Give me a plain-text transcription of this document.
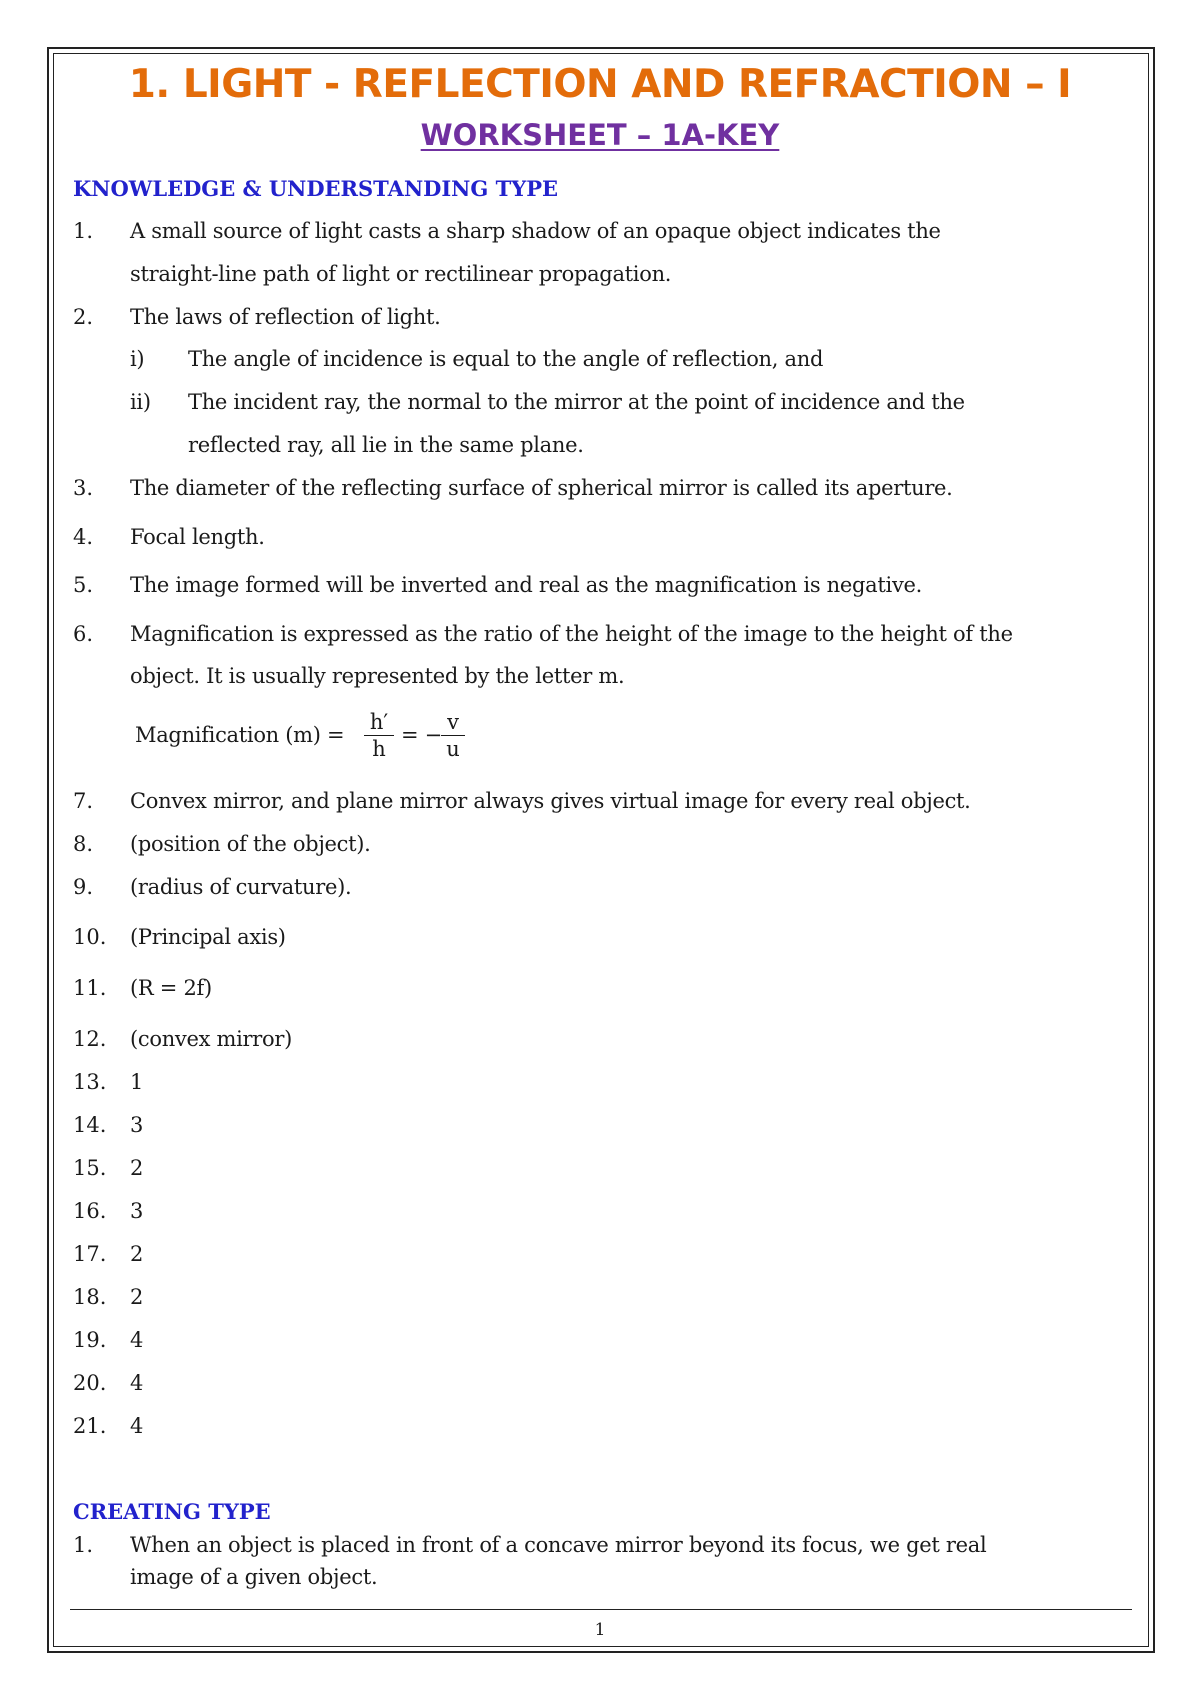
1. LIGHT - REFLECTION AND REFRACTION – I
WORKSHEET – 1A-KEY
KNOWLEDGE & UNDERSTANDING TYPE
1. A small source of light casts a sharp shadow of an opaque object indicates the
straight-line path of light or rectilinear propagation.
2. The laws of reflection of light.
i) The angle of incidence is equal to the angle of reflection, and
ii) The incident ray, the normal to the mirror at the point of incidence and the
reflected ray, all lie in the same plane.
3. The diameter of the reflecting surface of spherical mirror is called its aperture.
4. Focal length.
5. The image formed will be inverted and real as the magnification is negative.
6. Magnification is expressed as the ratio of the height of the image to the height of the
object. It is usually represented by the letter m.
Magnification $(m) = \frac{h'}{h}$ = − $\frac{v}{u}$
7. Convex mirror, and plane mirror always gives virtual image for every real object.
8. (position of the object).
9. (radius of curvature).
10. (Principal axis)
11. (R = 2f)
12. (convex mirror)
13. 1
14. 3
15. 2
16. 3
17. 2
18. 2
19. 4
20. 4
21. 4
CREATING TYPE
1. When an object is placed in front of a concave mirror beyond its focus, we get real
image of a given object.
1
